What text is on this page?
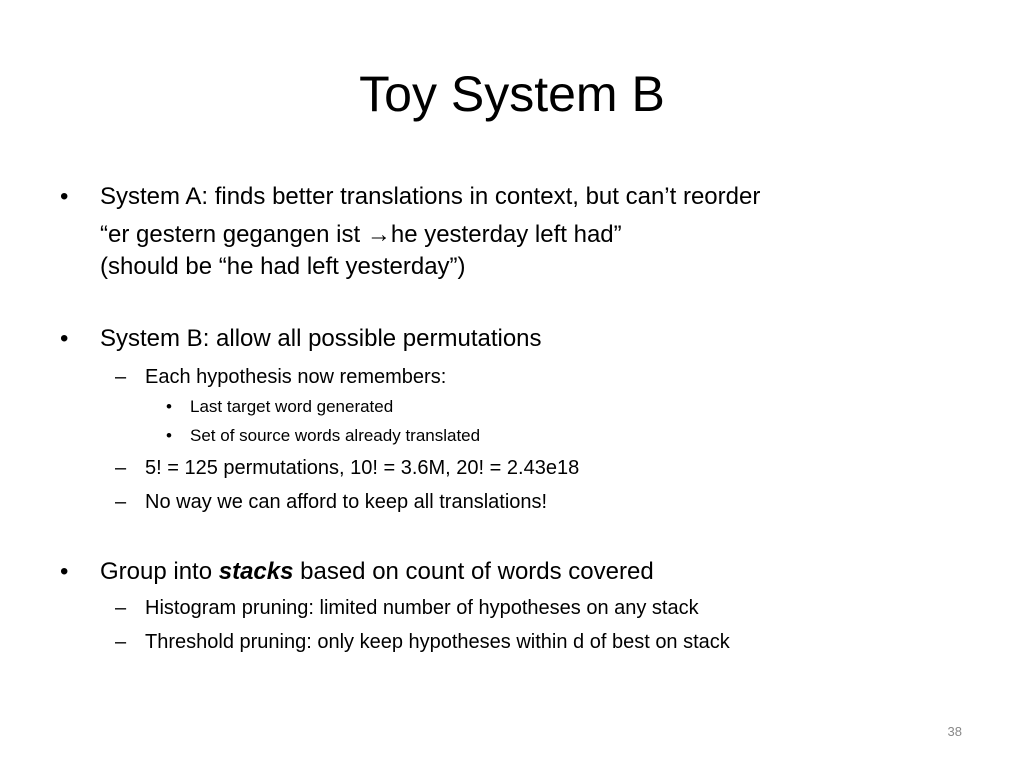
Toy System B
• System A: finds better translations in context, but can’t reorder
“er gestern gegangen ist →he yesterday left had”
(should be “he had left yesterday”)
• System B: allow all possible permutations
– Each hypothesis now remembers:
• Last target word generated
• Set of source words already translated
– 5! = 125 permutations, 10! = 3.6M, 20! = 2.43e18
– No way we can afford to keep all translations!
• Group into stacks based on count of words covered
– Histogram pruning: limited number of hypotheses on any stack
– Threshold pruning: only keep hypotheses within d of best on stack
38
